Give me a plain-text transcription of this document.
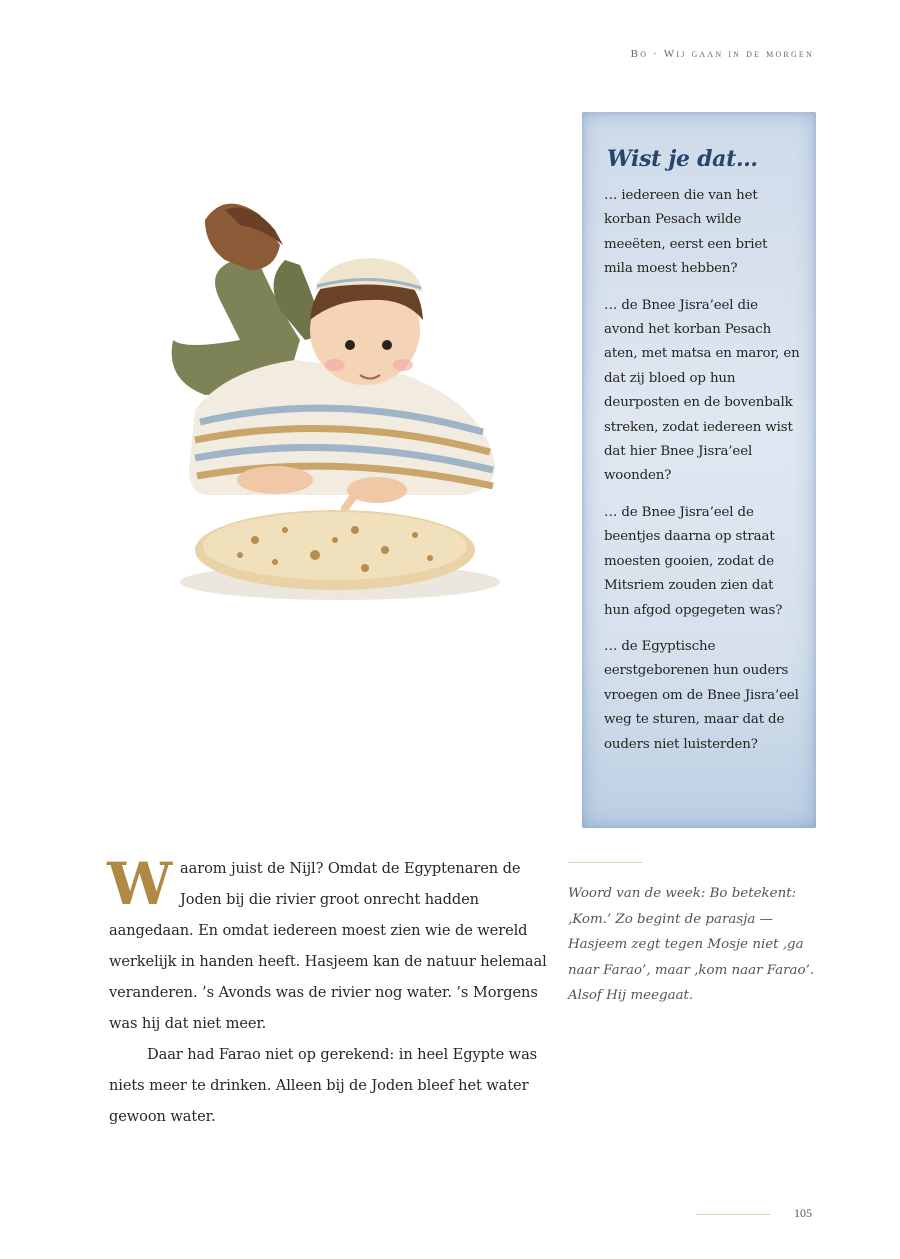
Bo · Wij gaan in de morgen
Wist je dat…

… iedereen die van het korban Pesach wilde meeëten, eerst een briet mila moest hebben?

… de Bnee Jisra’eel die avond het korban Pesach aten, met matsa en maror, en dat zij bloed op hun deurposten en de bovenbalk streken, zodat iedereen wist dat hier Bnee Jisra’eel woonden?

… de Bnee Jisra’eel de beentjes daarna op straat moesten gooien, zodat de Mitsriem zouden zien dat hun afgod opgegeten was?

… de Egyptische eerstgeborenen hun ouders vroegen om de Bnee Jisra’eel weg te sturen, maar dat de ouders niet luisterden?

Waarom juist de Nijl? Omdat de Egyptenaren de Joden bij die rivier groot onrecht hadden aangedaan. En omdat iedereen moest zien wie de wereld werkelijk in handen heeft. Hasjeem kan de natuur helemaal veranderen. ’s Avonds was de rivier nog water. ’s Morgens was hij dat niet meer.

Daar had Farao niet op gerekend: in heel Egypte was niets meer te drinken. Alleen bij de Joden bleef het water gewoon water.

Woord van de week: Bo betekent: ‚Kom.’ Zo begint de parasja — Hasjeem zegt tegen Mosje niet ‚ga naar Farao’, maar ‚kom naar Farao’. Alsof Hij meegaat.
105
